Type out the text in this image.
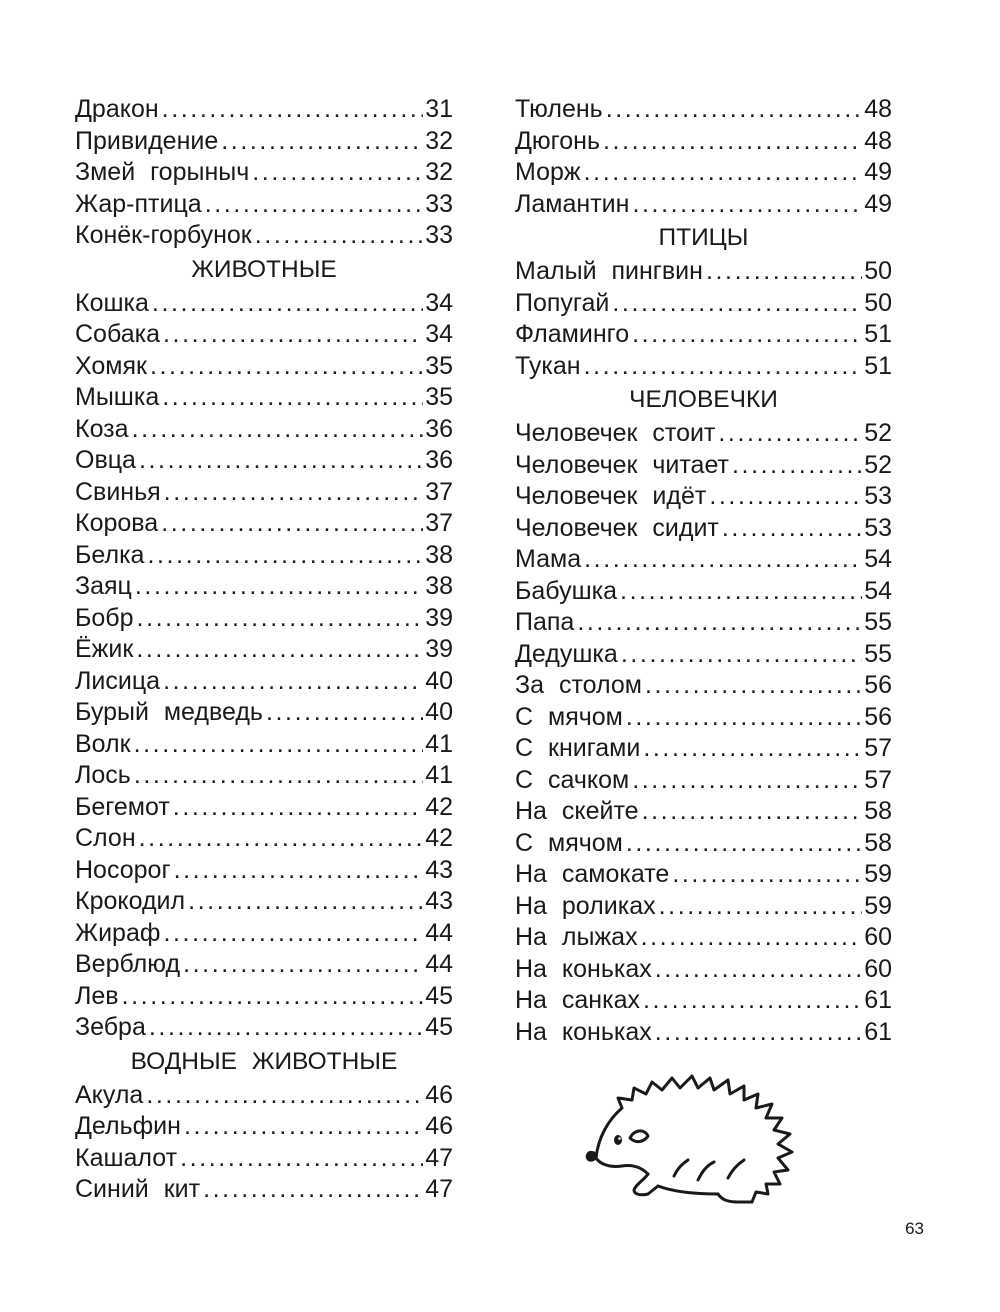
Дракон .....	31
Привидение .....	32
Змей горыныч .....	32
Жар-птица .....	33
Конёк-горбунок .....	33
ЖИВОТНЫЕ
Кошка .....	34
Собака .....	34
Хомяк .....	35
Мышка .....	35
Коза .....	36
Овца .....	36
Свинья .....	37
Корова .....	37
Белка .....	38
Заяц .....	38
Бобр .....	39
Ёжик .....	39
Лисица .....	40
Бурый медведь .....	40
Волк .....	41
Лось .....	41
Бегемот .....	42
Слон .....	42
Носорог .....	43
Крокодил .....	43
Жираф .....	44
Верблюд .....	44
Лев .....	45
Зебра .....	45
ВОДНЫЕ ЖИВОТНЫЕ
Акула .....	46
Дельфин .....	46
Кашалот .....	47
Синий кит .....	47
Тюлень .....	48
Дюгонь .....	48
Морж .....	49
Ламантин .....	49
ПТИЦЫ
Малый пингвин .....	50
Попугай .....	50
Фламинго .....	51
Тукан .....	51
ЧЕЛОВЕЧКИ
Человечек стоит .....	52
Человечек читает .....	52
Человечек идёт .....	53
Человечек сидит .....	53
Мама .....	54
Бабушка .....	54
Папа .....	55
Дедушка .....	55
За столом .....	56
С мячом .....	56
С книгами .....	57
С сачком .....	57
На скейте .....	58
С мячом .....	58
На самокате .....	59
На роликах .....	59
На лыжах .....	60
На коньках .....	60
На санках .....	61
На коньках .....	61
63
